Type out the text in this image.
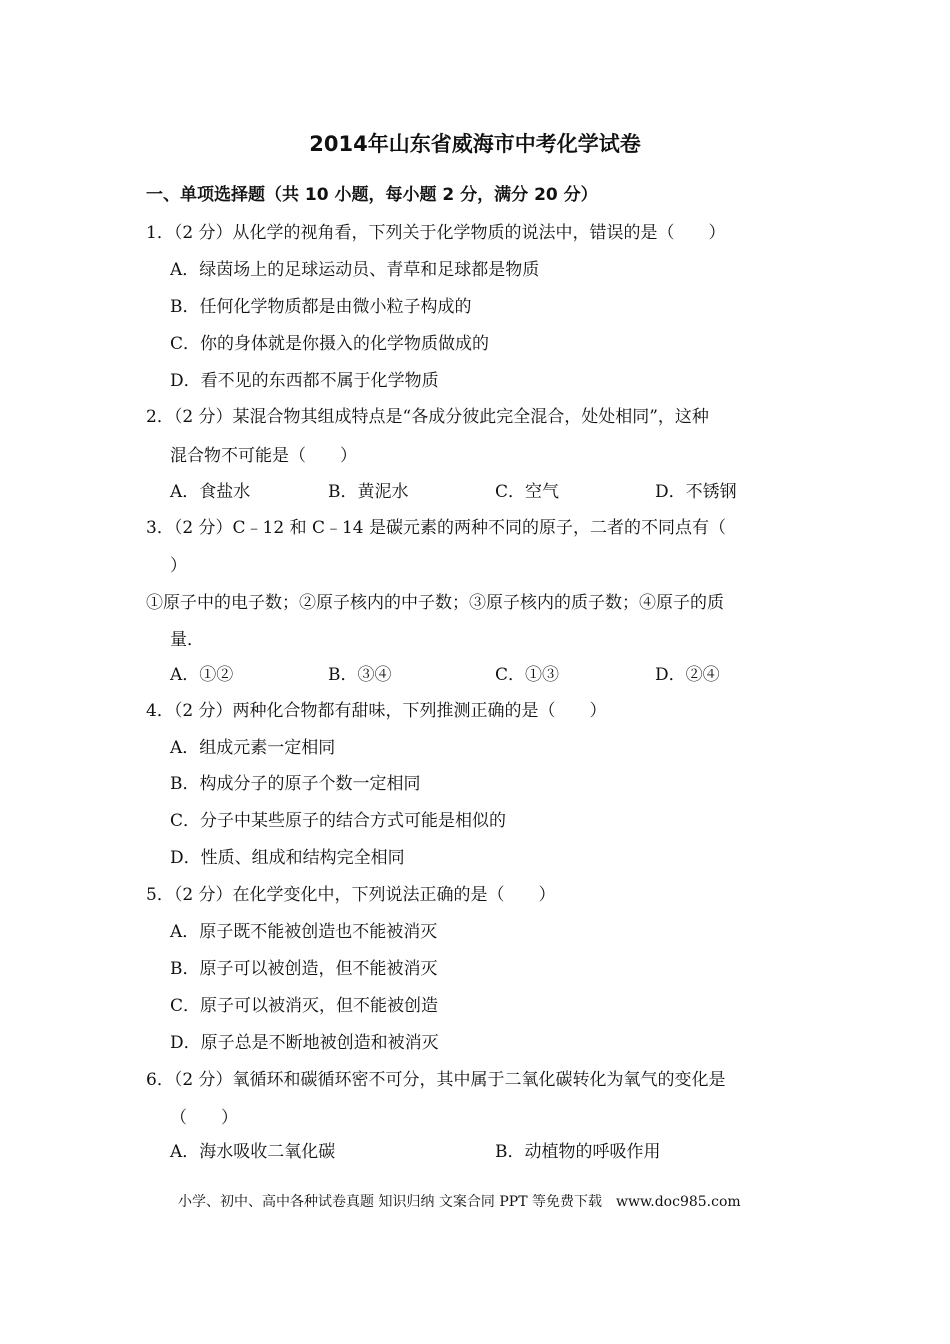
2014年山东省威海市中考化学试卷
一、单项选择题（共 10 小题，每小题 2 分，满分 20 分）
1．（2 分）从化学的视角看，下列关于化学物质的说法中，错误的是（　　）
A．绿茵场上的足球运动员、青草和足球都是物质
B．任何化学物质都是由微小粒子构成的
C．你的身体就是你摄入的化学物质做成的
D．看不见的东西都不属于化学物质
2．（2 分）某混合物其组成特点是“各成分彼此完全混合，处处相同”，这种
混合物不可能是（　　）
A．食盐水	B．黄泥水	C．空气	D．不锈钢
3．（2 分）C﹣12 和 C﹣14 是碳元素的两种不同的原子，二者的不同点有（
）
①原子中的电子数；②原子核内的中子数；③原子核内的质子数；④原子的质
量．
A．①②	B．③④	C．①③	D．②④
4．（2 分）两种化合物都有甜味，下列推测正确的是（　　）
A．组成元素一定相同
B．构成分子的原子个数一定相同
C．分子中某些原子的结合方式可能是相似的
D．性质、组成和结构完全相同
5．（2 分）在化学变化中，下列说法正确的是（　　）
A．原子既不能被创造也不能被消灭
B．原子可以被创造，但不能被消灭
C．原子可以被消灭，但不能被创造
D．原子总是不断地被创造和被消灭
6．（2 分）氧循环和碳循环密不可分，其中属于二氧化碳转化为氧气的变化是
（　　）
A．海水吸收二氧化碳	B．动植物的呼吸作用
小学、初中、高中各种试卷真题 知识归纳 文案合同 PPT 等免费下载　www.doc985.com
